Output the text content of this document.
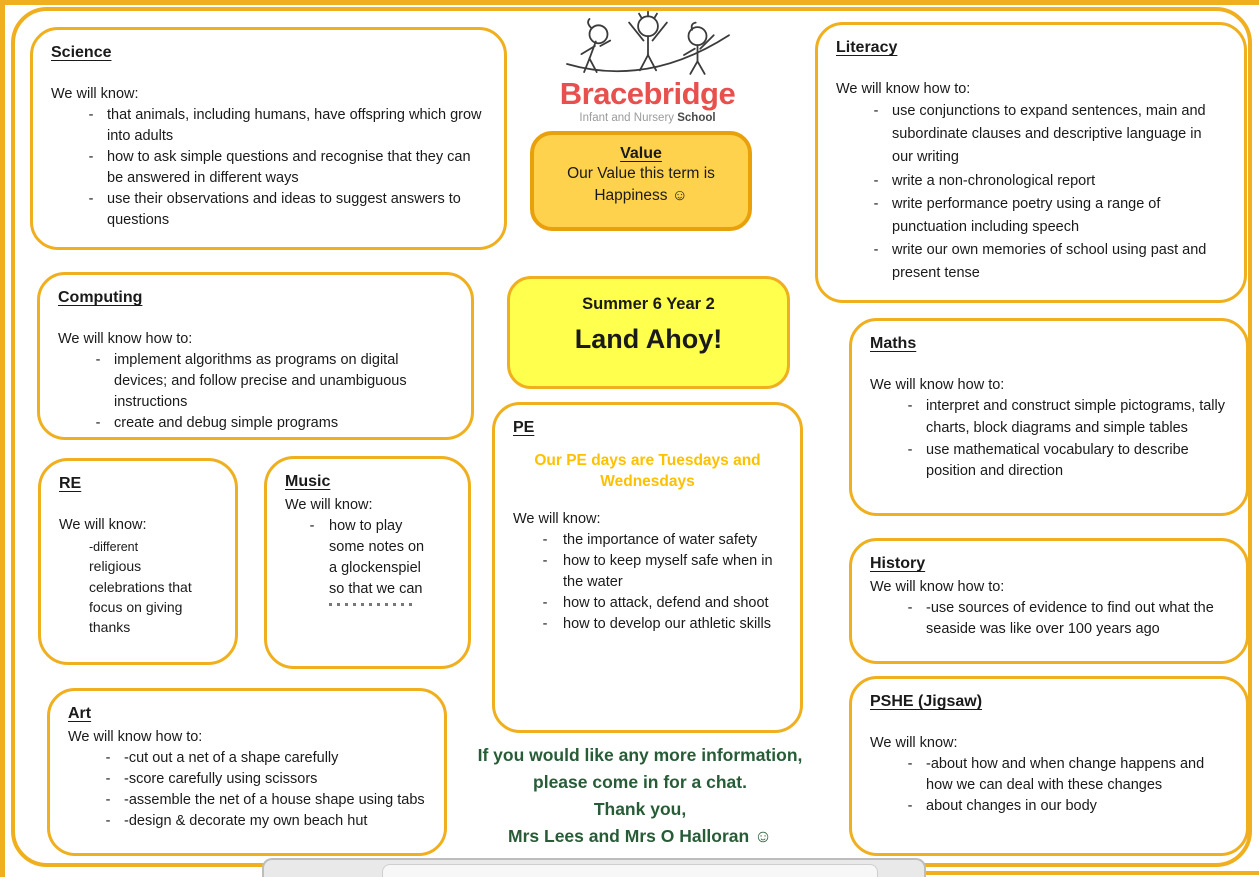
Science
We will know:
- that animals, including humans, have offspring which grow into adults
- how to ask simple questions and recognise that they can be answered in different ways
- use their observations and ideas to suggest answers to questions
Computing
We will know how to:
- implement algorithms as programs on digital devices; and follow precise and unambiguous instructions
- create and debug simple programs
RE
We will know:
-different
religious celebrations that focus on giving thanks
Music
We will know:
-	how to play some notes on a glockenspiel so that we can
Art
We will know how to:
- -cut out a net of a shape carefully
- -score carefully using scissors
- -assemble the net of a house shape using tabs
- -design & decorate my own beach hut
Bracebridge
Infant and Nursery School
Value
Our Value this term is
Happiness ☺
Summer 6 Year 2
Land Ahoy!
PE
Our PE days are Tuesdays and Wednesdays
We will know:
-	the importance of water safety
-	how to keep myself safe when in the water
-	how to attack, defend and shoot
-	how to develop our athletic skills
Literacy
We will know how to:
- use conjunctions to expand sentences, main and subordinate clauses and descriptive language in our writing
- write a non-chronological report
- write performance poetry using a range of punctuation including speech
- write our own memories of school using past and present tense
Maths
We will know how to:
- interpret and construct simple pictograms, tally charts, block diagrams and simple tables
- use mathematical vocabulary to describe position and direction
History
We will know how to:
- -use sources of evidence to find out what the seaside was like over 100 years ago
PSHE (Jigsaw)
We will know:
- -about how and when change happens and how we can deal with these changes
- about changes in our body
If you would like any more information,
please come in for a chat.
Thank you,
Mrs Lees and Mrs O Halloran ☺
